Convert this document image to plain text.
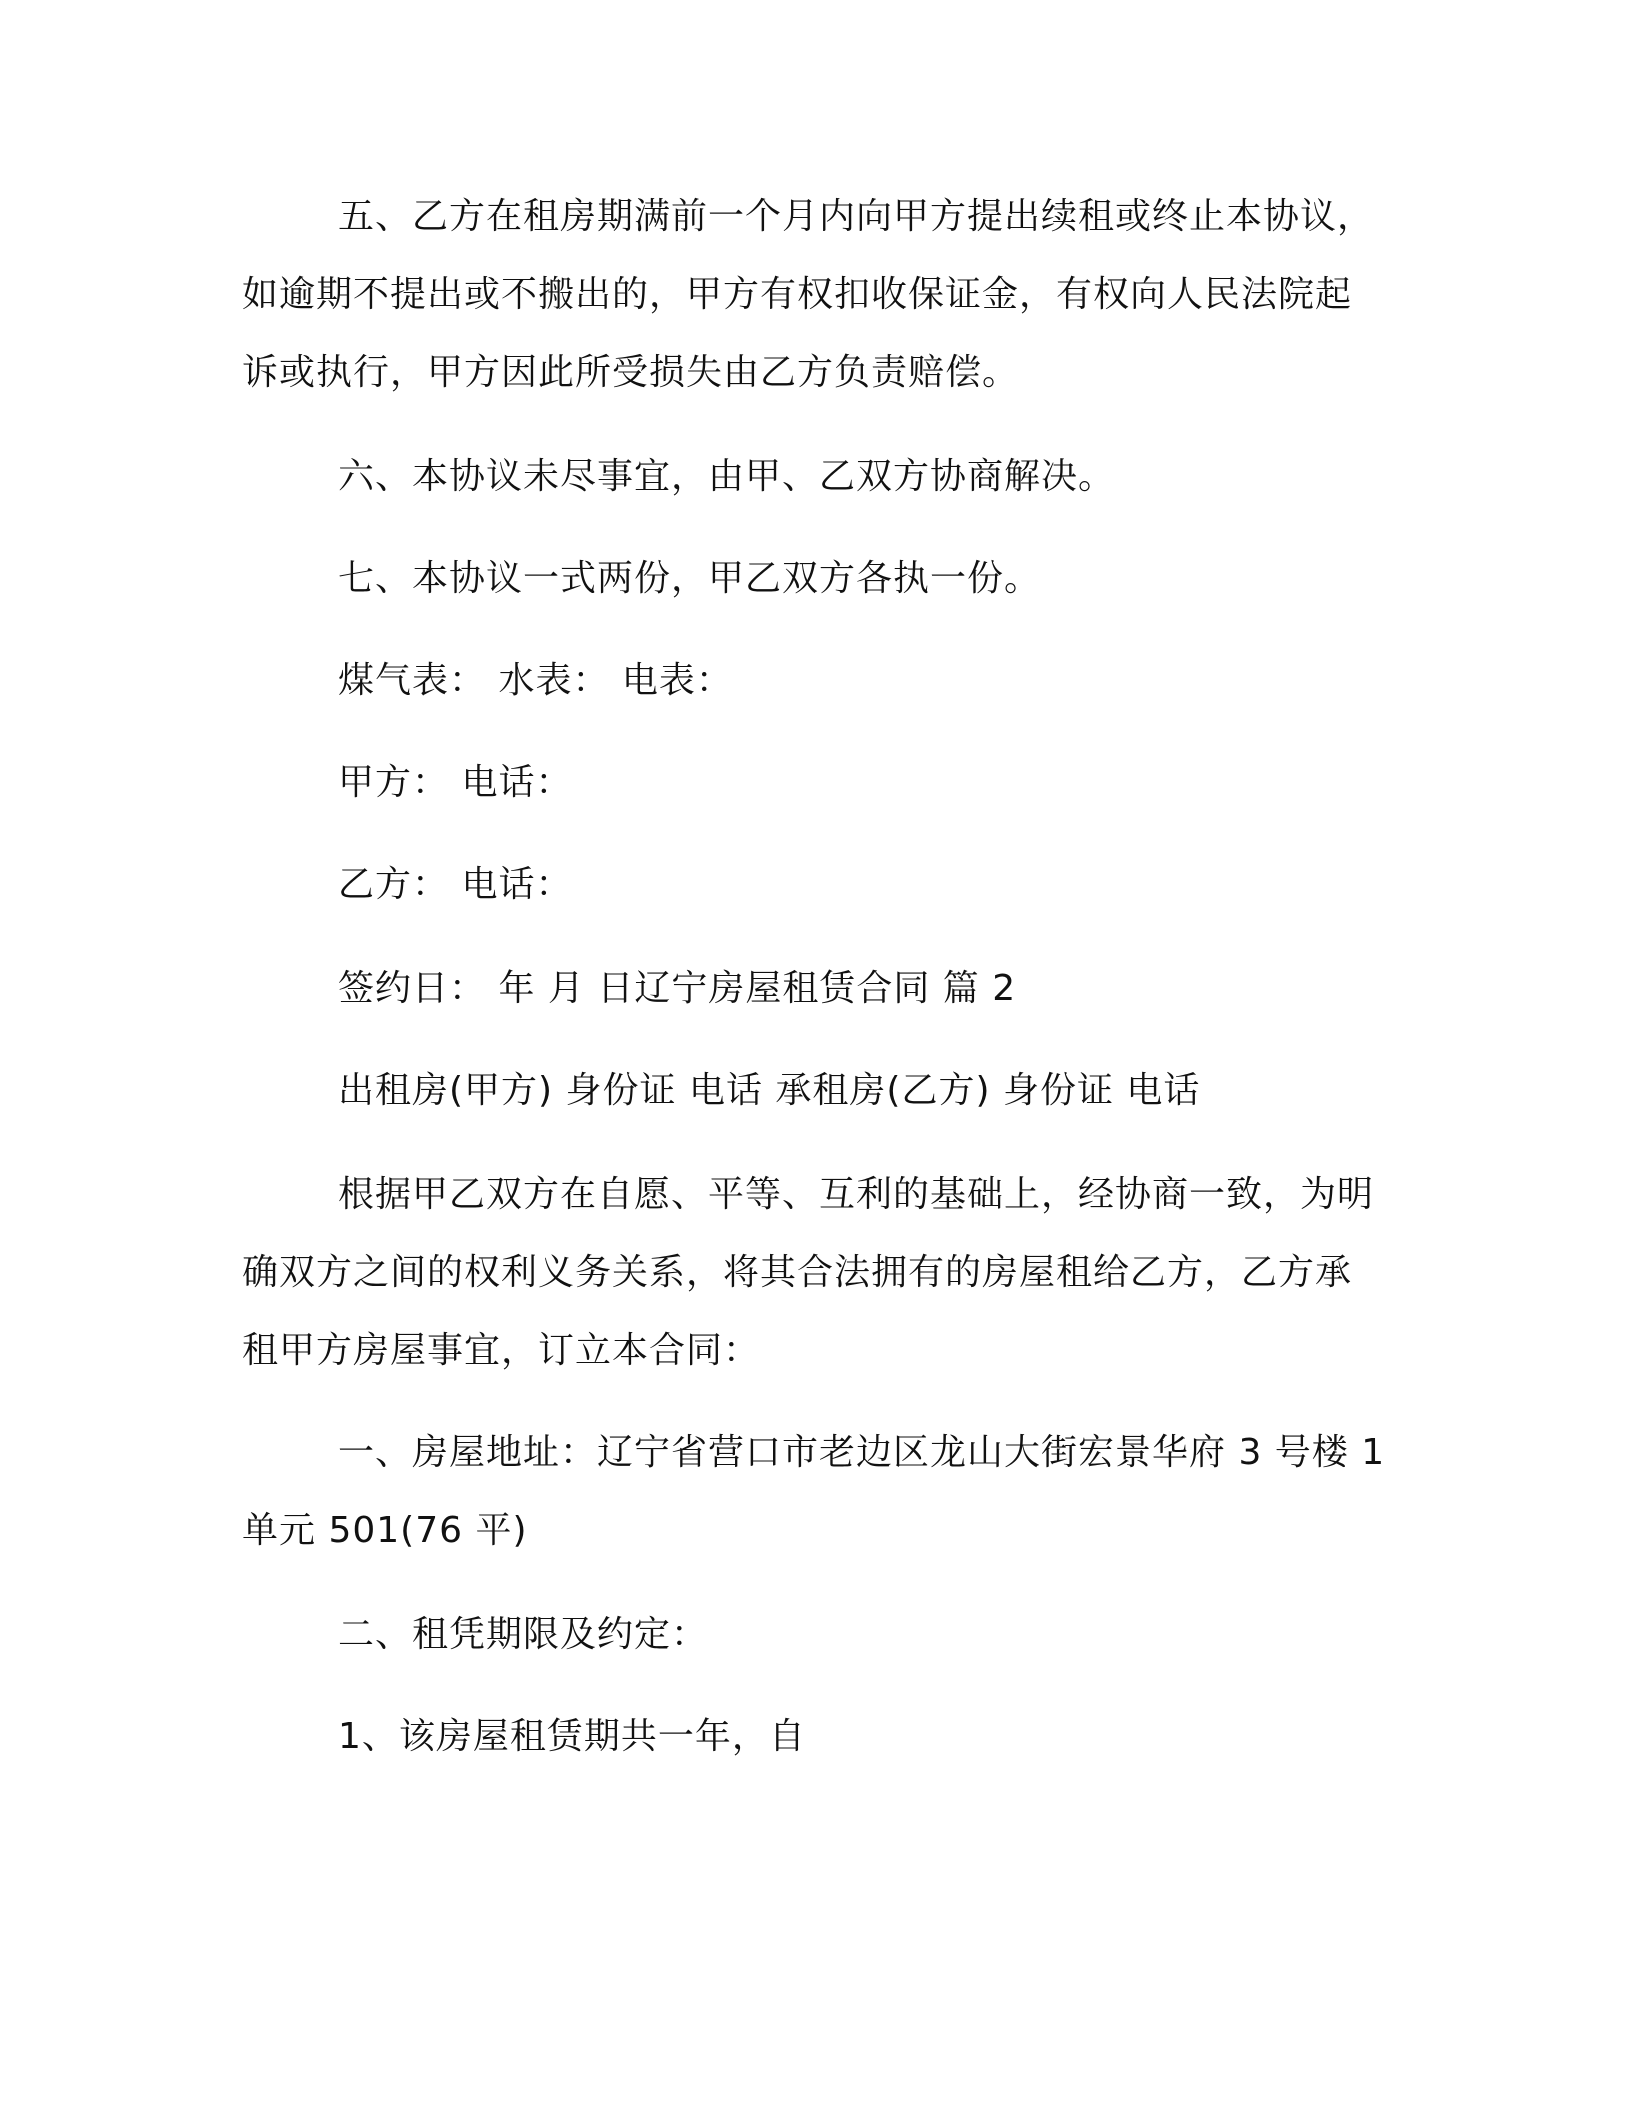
五、乙方在租房期满前一个月内向甲方提出续租或终止本协议，
如逾期不提出或不搬出的，甲方有权扣收保证金，有权向人民法院起
诉或执行，甲方因此所受损失由乙方负责赔偿。

六、本协议未尽事宜，由甲、乙双方协商解决。

七、本协议一式两份，甲乙双方各执一份。

煤气表： 水表： 电表：

甲方： 电话：

乙方： 电话：

签约日： 年 月 日辽宁房屋租赁合同 篇 2

出租房(甲方) 身份证 电话 承租房(乙方) 身份证 电话

根据甲乙双方在自愿、平等、互利的基础上，经协商一致，为明
确双方之间的权利义务关系，将其合法拥有的房屋租给乙方，乙方承
租甲方房屋事宜，订立本合同：
一、房屋地址：辽宁省营口市老边区龙山大街宏景华府 3 号楼 1
单元 501(76 平)

二、租凭期限及约定：

1、该房屋租赁期共一年，自
